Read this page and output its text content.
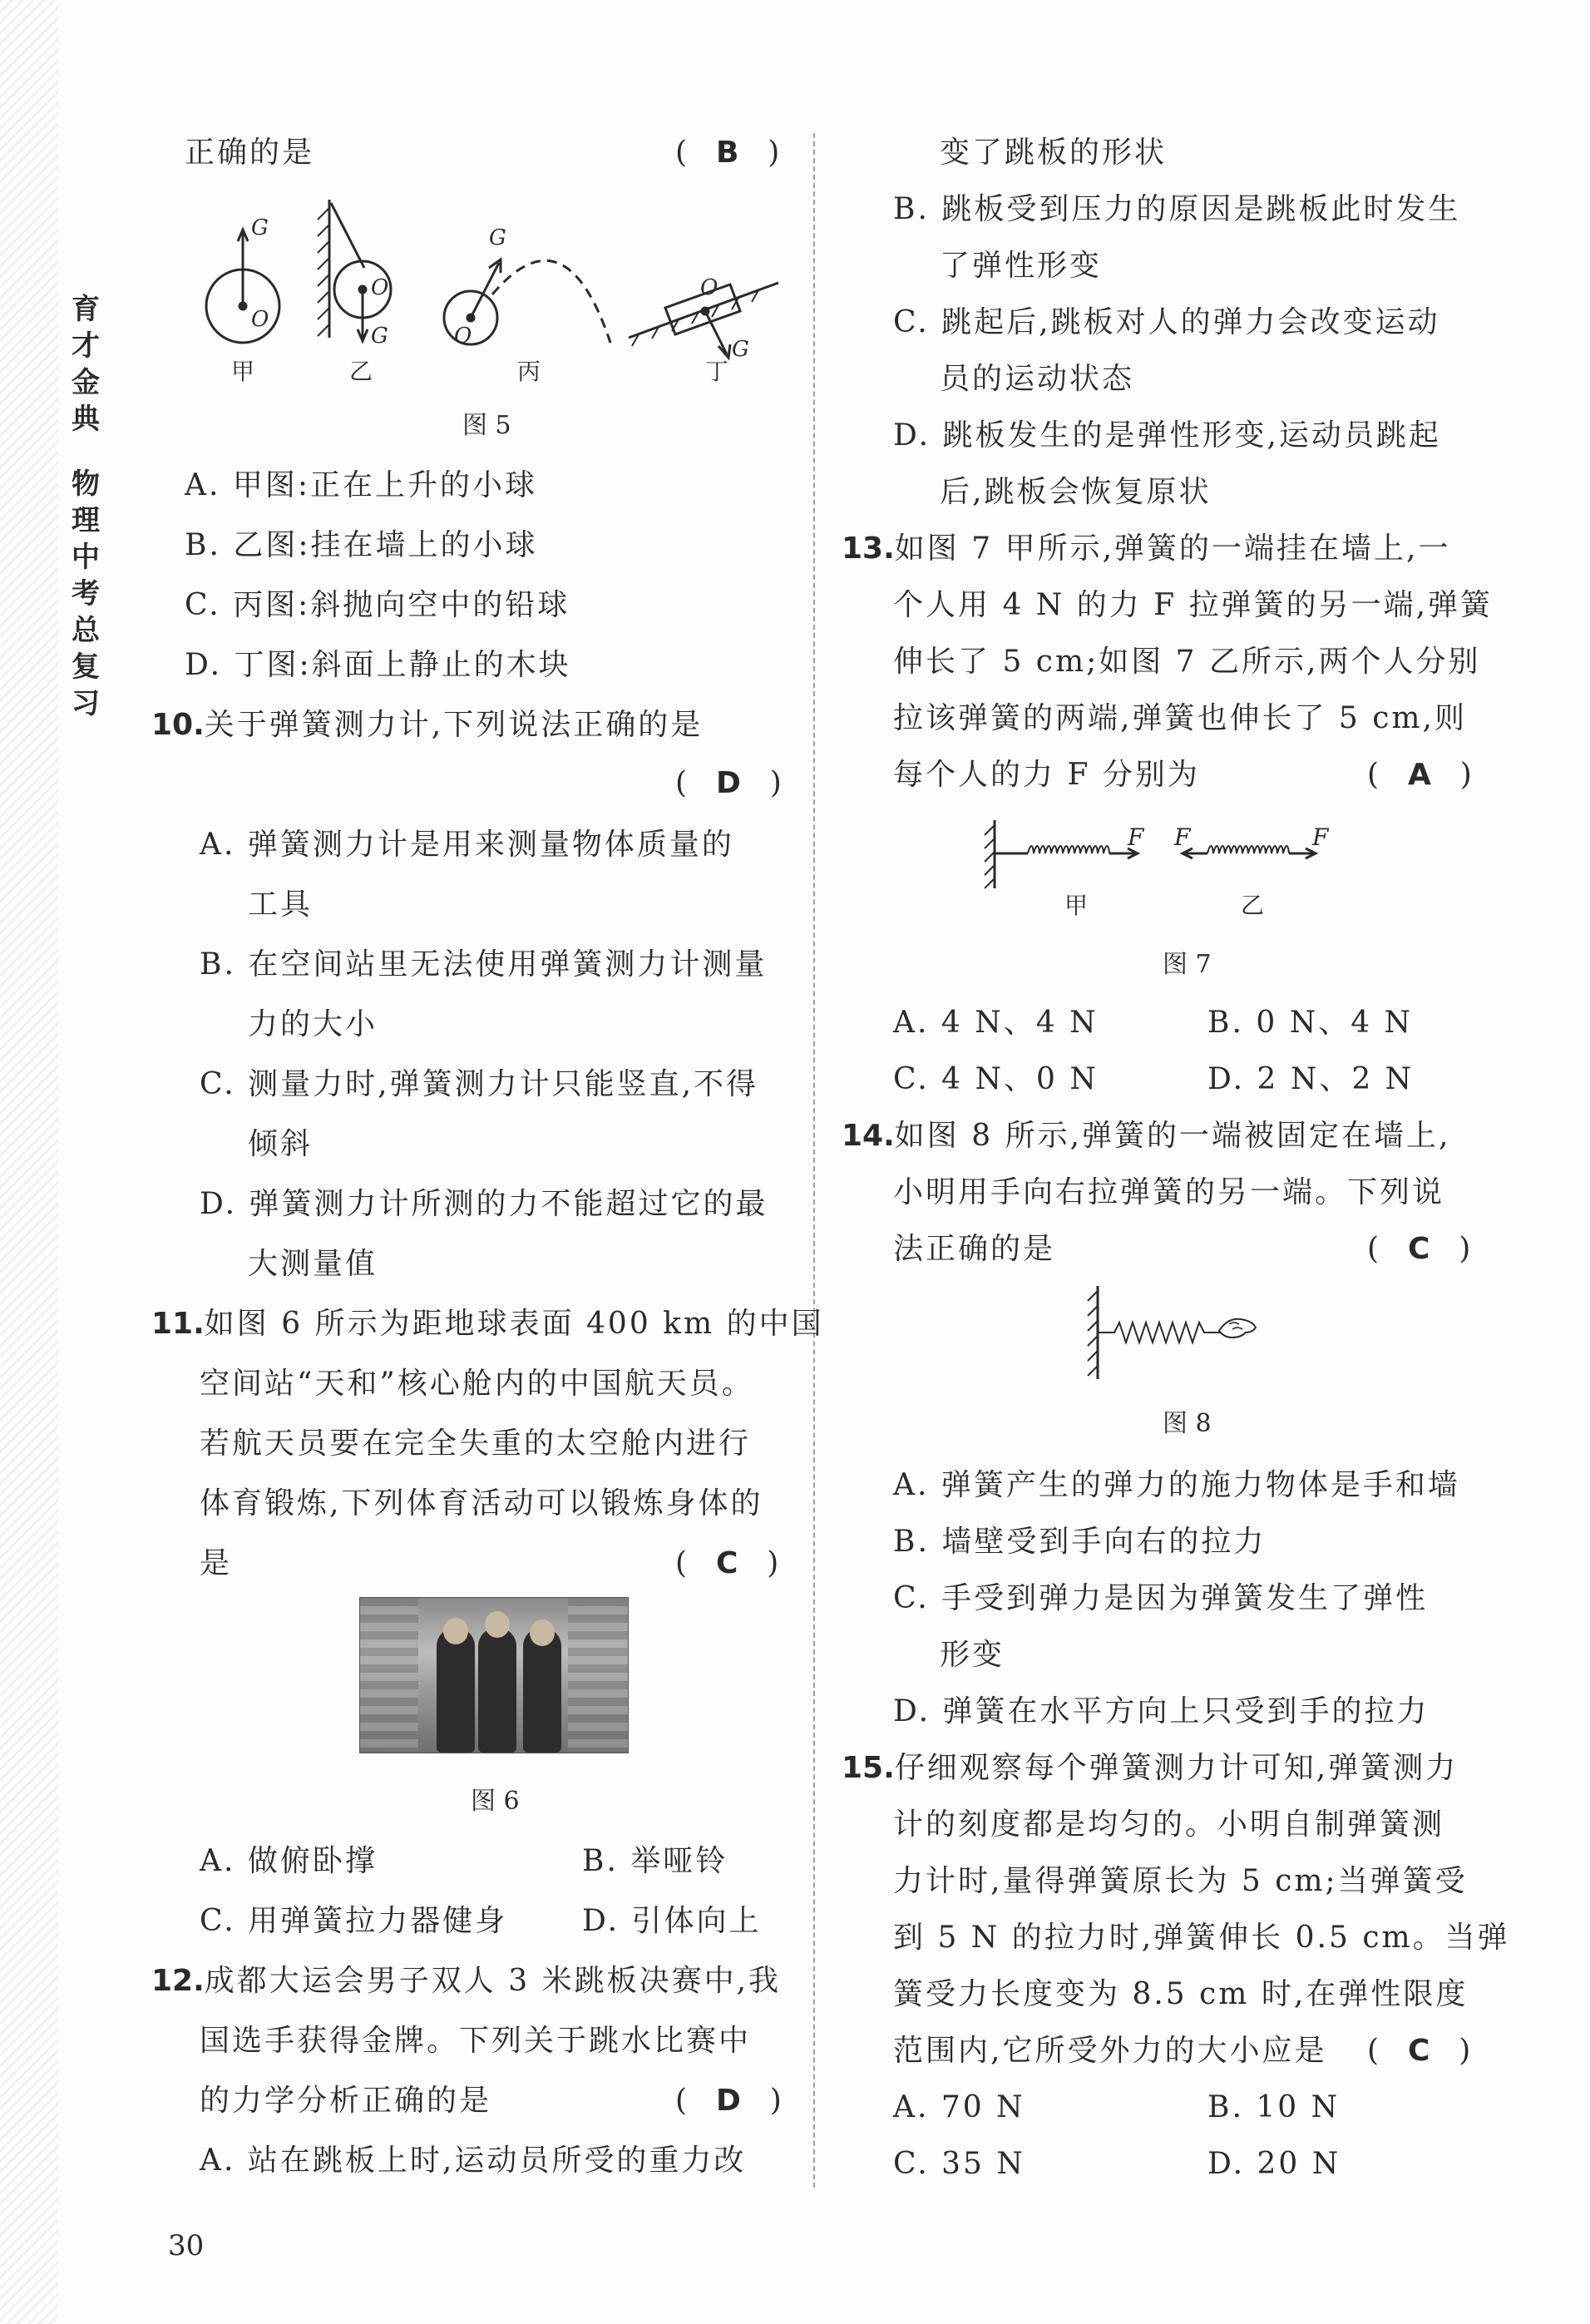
育
才
金
典
物
理
中
考
总
复
习
正确的是	(  B  )
G
O
G
O
G
O
G
O
甲	乙	丙	丁
图 5
A. 甲图:正在上升的小球
B. 乙图:挂在墙上的小球
C. 丙图:斜抛向空中的铅球
D. 丁图:斜面上静止的木块
10.关于弹簧测力计,下列说法正确的是
(  D  )
A. 弹簧测力计是用来测量物体质量的
工具
B. 在空间站里无法使用弹簧测力计测量
力的大小
C. 测量力时,弹簧测力计只能竖直,不得
倾斜
D. 弹簧测力计所测的力不能超过它的最
大测量值
11.如图 6 所示为距地球表面 400 km 的中国
空间站“天和”核心舱内的中国航天员。
若航天员要在完全失重的太空舱内进行
体育锻炼,下列体育活动可以锻炼身体的
是	(  C  )
图 6
A. 做俯卧撑	B. 举哑铃
C. 用弹簧拉力器健身 D. 引体向上
12.成都大运会男子双人 3 米跳板决赛中,我
国选手获得金牌。下列关于跳水比赛中
的力学分析正确的是	(  D  )
A. 站在跳板上时,运动员所受的重力改
30
变了跳板的形状
B. 跳板受到压力的原因是跳板此时发生
了弹性形变
C. 跳起后,跳板对人的弹力会改变运动
员的运动状态
D. 跳板发生的是弹性形变,运动员跳起
后,跳板会恢复原状
13.如图 7 甲所示,弹簧的一端挂在墙上,一
个人用 4 N 的力 F 拉弹簧的另一端,弹簧
伸长了 5 cm;如图 7 乙所示,两个人分别
拉该弹簧的两端,弹簧也伸长了 5 cm,则
每个人的力 F 分别为	(  A  )
F F	F
甲	乙
图 7
A. 4 N、4 N	B. 0 N、4 N
C. 4 N、0 N	D. 2 N、2 N
14.如图 8 所示,弹簧的一端被固定在墙上,
小明用手向右拉弹簧的另一端。下列说
法正确的是	(  C  )
图 8
A. 弹簧产生的弹力的施力物体是手和墙
B. 墙壁受到手向右的拉力
C. 手受到弹力是因为弹簧发生了弹性
形变
D. 弹簧在水平方向上只受到手的拉力
15.仔细观察每个弹簧测力计可知,弹簧测力
计的刻度都是均匀的。小明自制弹簧测
力计时,量得弹簧原长为 5 cm;当弹簧受
到 5 N 的拉力时,弹簧伸长 0.5 cm。当弹
簧受力长度变为 8.5 cm 时,在弹性限度
范围内,它所受外力的大小应是 (  C  )
A. 70 N	B. 10 N
C. 35 N	D. 20 N
